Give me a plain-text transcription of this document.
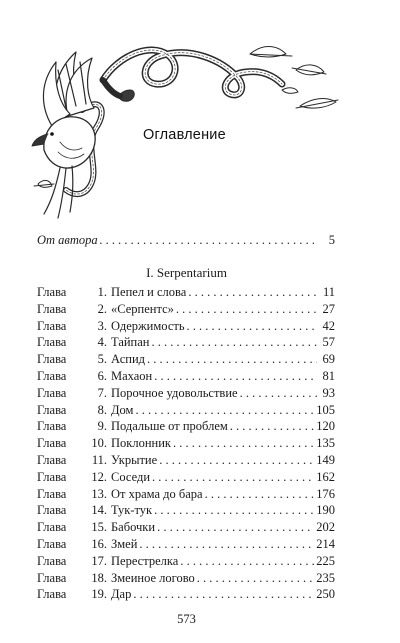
Оглавление
От автора . . .	5
I. Serpentarium
Глава	1. Пепел и слова . . .	11
Глава	2. «Серпентс» . . .	27
Глава	3. Одержимость . . .	42
Глава	4. Тайпан . . .	57
Глава	5. Аспид . . .	69
Глава	6. Махаон . . .	81
Глава	7. Порочное удовольствие . . .	93
Глава	8. Дом . . .	105
Глава	9. Подальше от проблем . . .	120
Глава	10. Поклонник . . .	135
Глава	11. Укрытие . . .	149
Глава	12. Соседи . . .	162
Глава	13. От храма до бара . . .	176
Глава	14. Тук-тук . . .	190
Глава	15. Бабочки . . .	202
Глава	16. Змей . . .	214
Глава	17. Перестрелка . . .	225
Глава	18. Змеиное логово . . .	235
Глава	19. Дар . . .	250
573
